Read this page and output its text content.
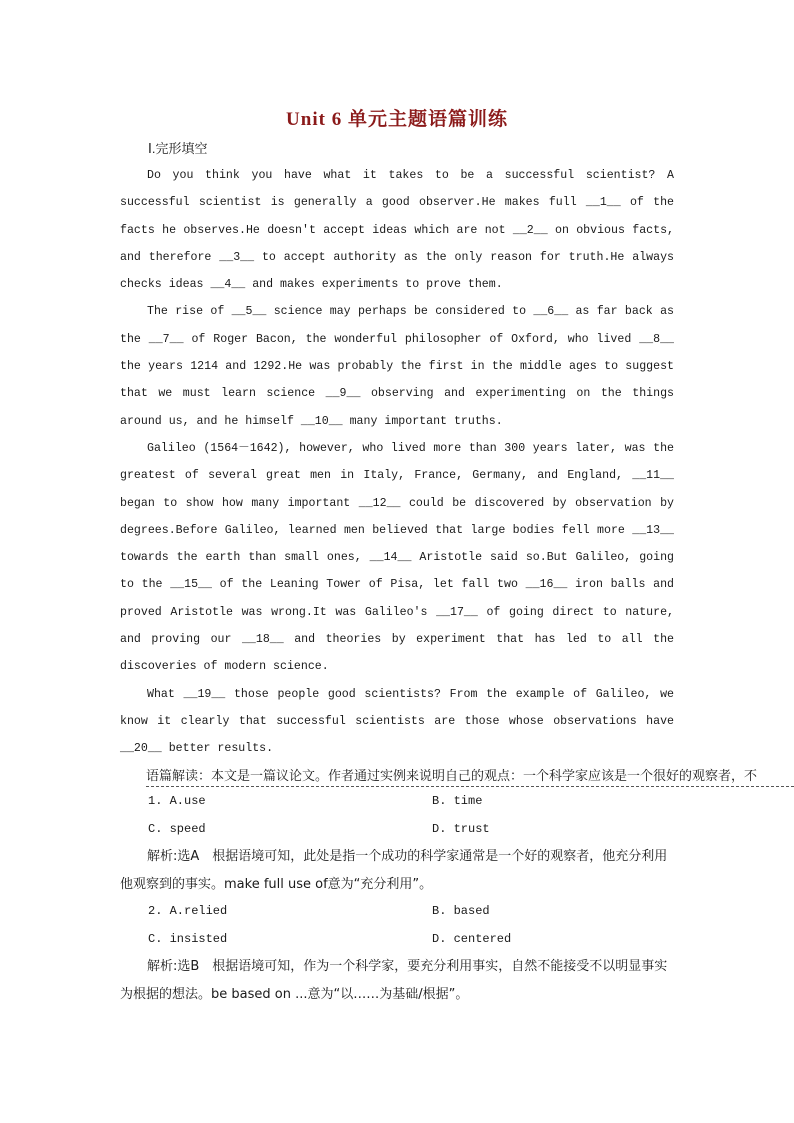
Unit 6 单元主题语篇训练
Ⅰ.完形填空

Do you think you have what it takes to be a successful scientist? A successful scientist is generally a good observer.He makes full __1__ of the facts he observes.He doesn't accept ideas which are not __2__ on obvious facts, and therefore __3__ to accept authority as the only reason for truth.He always checks ideas __4__ and makes experiments to prove them.

The rise of __5__ science may perhaps be considered to __6__ as far back as the __7__ of Roger Bacon, the wonderful philosopher of Oxford, who lived __8__ the years 1214 and 1292.He was probably the first in the middle ages to suggest that we must learn science __9__ observing and experimenting on the things around us, and he himself __10__ many important truths.

Galileo (1564－1642), however, who lived more than 300 years later, was the greatest of several great men in Italy, France, Germany, and England, __11__ began to show how many important __12__ could be discovered by observation by degrees.Before Galileo, learned men believed that large bodies fell more __13__ towards the earth than small ones, __14__ Aristotle said so.But Galileo, going to the __15__ of the Leaning Tower of Pisa, let fall two __16__ iron balls and proved Aristotle was wrong.It was Galileo's __17__ of going direct to nature, and proving our __18__ and theories by experiment that has led to all the discoveries of modern science.

What __19__ those people good scientists? From the example of Galileo, we know it clearly that successful scientists are those whose observations have __20__ better results.

语篇解读：本文是一篇议论文。作者通过实例来说明自己的观点：一个科学家应该是一个很好的观察者，不
1. A.use	B. time
C. speed	D. trust

解析:选A　根据语境可知，此处是指一个成功的科学家通常是一个好的观察者，他充分利用他观察到的事实。make full use of意为“充分利用”。

2. A.relied	B. based
C. insisted	D. centered

解析:选B　根据语境可知，作为一个科学家，要充分利用事实，自然不能接受不以明显事实为根据的想法。be based on ...意为“以……为基础/根据”。
